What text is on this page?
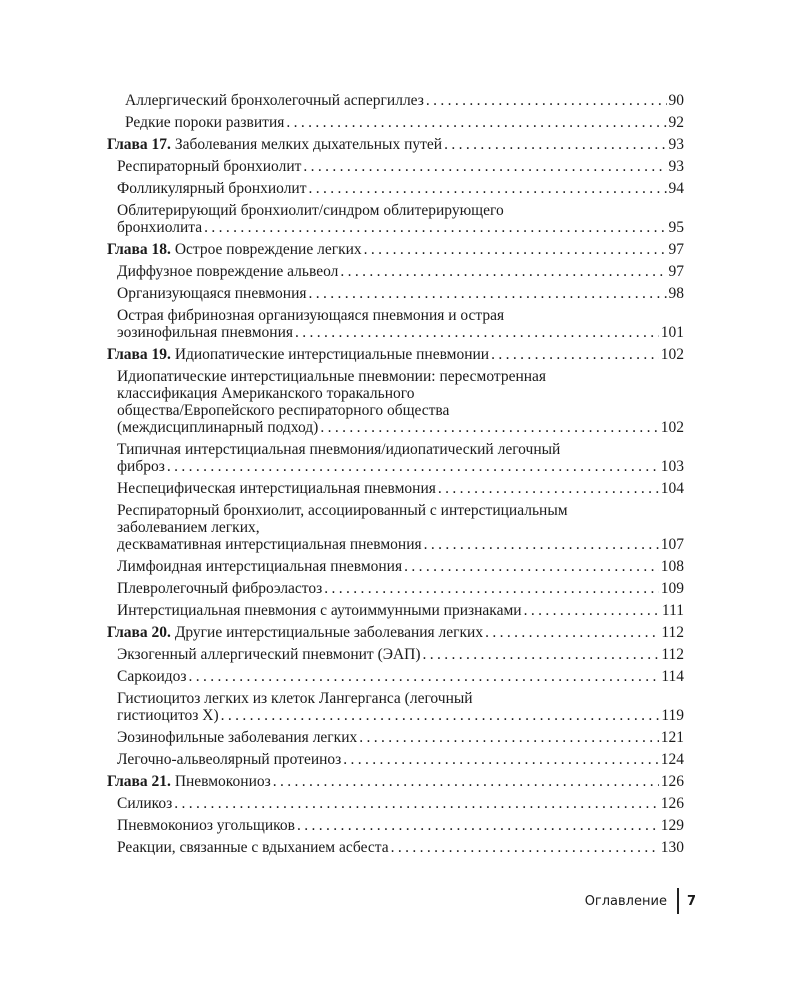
Аллергический бронхолегочный аспергиллез . . .	90
Редкие пороки развития . . .	92
Глава 17. Заболевания мелких дыхательных путей . . .	93
Респираторный бронхиолит . . .	93
Фолликулярный бронхиолит . . .	94
Облитерирующий бронхиолит/синдром облитерирующего
бронхиолита . . .	95
Глава 18. Острое повреждение легких . . .	97
Диффузное повреждение альвеол . . .	97
Организующаяся пневмония . . .	98
Острая фибринозная организующаяся пневмония и острая
эозинофильная пневмония . . .	101
Глава 19. Идиопатические интерстициальные пневмонии . . .	102
Идиопатические интерстициальные пневмонии: пересмотренная
классификация Американского торакального
общества/Европейского респираторного общества
(междисциплинарный подход) . . .	102
Типичная интерстициальная пневмония/идиопатический легочный
фиброз . . .	103
Неспецифическая интерстициальная пневмония . . .	104
Респираторный бронхиолит, ассоциированный с интерстициальным
заболеванием легких,
десквамативная интерстициальная пневмония . . .	107
Лимфоидная интерстициальная пневмония . . .	108
Плевролегочный фиброэластоз . . .	109
Интерстициальная пневмония с аутоиммунными признаками . . .	111
Глава 20. Другие интерстициальные заболевания легких . . .	112
Экзогенный аллергический пневмонит (ЭАП) . . .	112
Саркоидоз . . .	114
Гистиоцитоз легких из клеток Лангерганса (легочный
гистиоцитоз Х) . . .	119
Эозинофильные заболевания легких . . .	121
Легочно-альвеолярный протеиноз . . .	124
Глава 21. Пневмокониоз . . .	126
Силикоз . . .	126
Пневмокониоз угольщиков . . .	129
Реакции, связанные с вдыханием асбеста . . .	130
Оглавление 7
